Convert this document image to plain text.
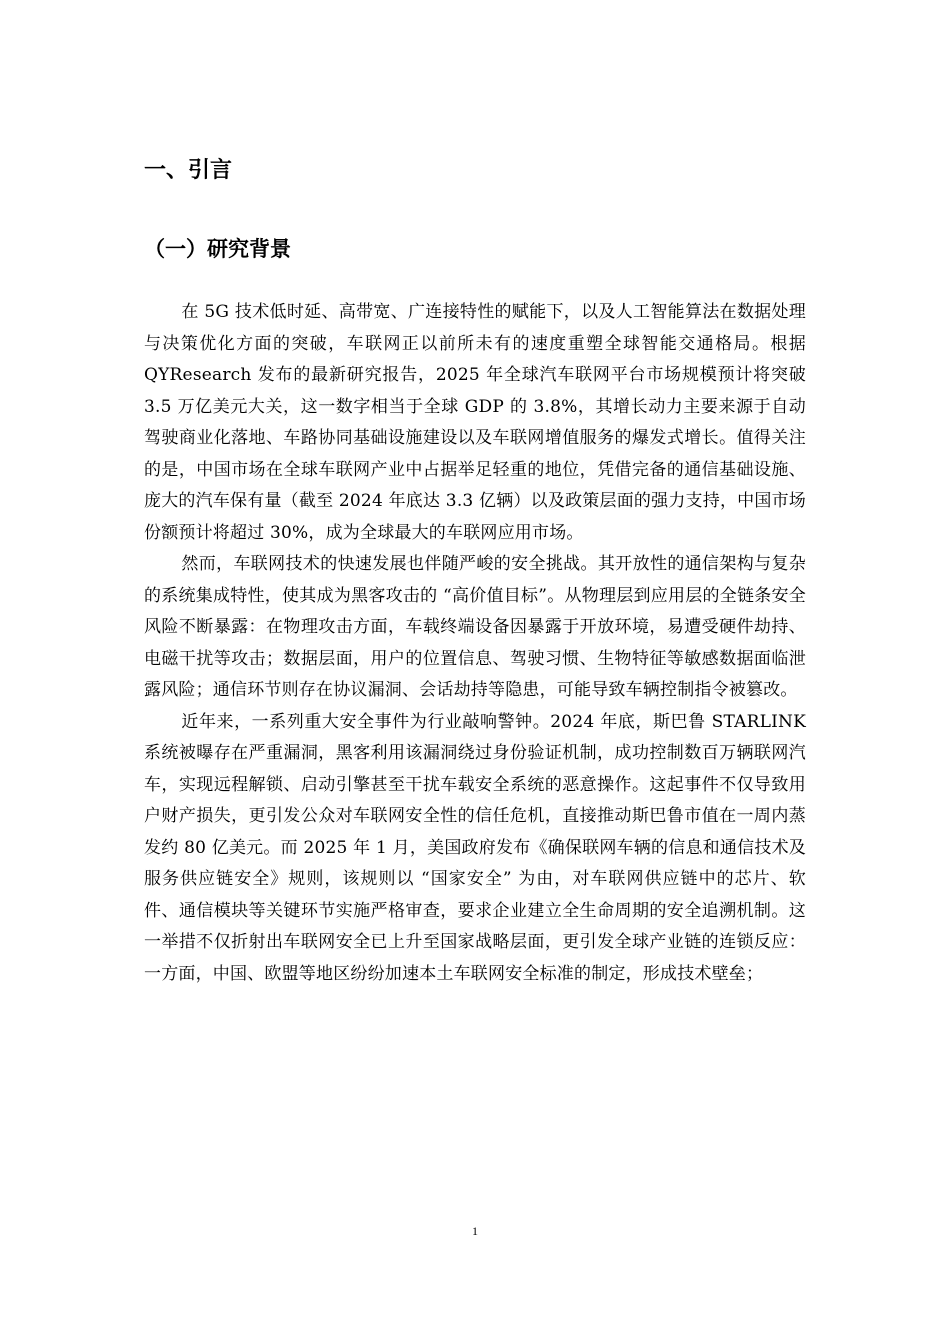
一、引言
（一）研究背景

在 5G 技术低时延、高带宽、广连接特性的赋能下，以及人工智能算法在数据处理与决策优化方面的突破，车联网正以前所未有的速度重塑全球智能交通格局。根据 QYResearch 发布的最新研究报告，2025 年全球汽车联网平台市场规模预计将突破 3.5 万亿美元大关，这一数字相当于全球 GDP 的 3.8%，其增长动力主要来源于自动驾驶商业化落地、车路协同基础设施建设以及车联网增值服务的爆发式增长。值得关注的是，中国市场在全球车联网产业中占据举足轻重的地位，凭借完备的通信基础设施、庞大的汽车保有量（截至 2024 年底达 3.3 亿辆）以及政策层面的强力支持，中国市场份额预计将超过 30%，成为全球最大的车联网应用市场。

然而，车联网技术的快速发展也伴随严峻的安全挑战。其开放性的通信架构与复杂的系统集成特性，使其成为黑客攻击的 “高价值目标”。从物理层到应用层的全链条安全风险不断暴露：在物理攻击方面，车载终端设备因暴露于开放环境，易遭受硬件劫持、电磁干扰等攻击；数据层面，用户的位置信息、驾驶习惯、生物特征等敏感数据面临泄露风险；通信环节则存在协议漏洞、会话劫持等隐患，可能导致车辆控制指令被篡改。

近年来，一系列重大安全事件为行业敲响警钟。2024 年底，斯巴鲁 STARLINK 系统被曝存在严重漏洞，黑客利用该漏洞绕过身份验证机制，成功控制数百万辆联网汽车，实现远程解锁、启动引擎甚至干扰车载安全系统的恶意操作。这起事件不仅导致用户财产损失，更引发公众对车联网安全性的信任危机，直接推动斯巴鲁市值在一周内蒸发约 80 亿美元。而 2025 年 1 月，美国政府发布《确保联网车辆的信息和通信技术及服务供应链安全》规则，该规则以 “国家安全” 为由，对车联网供应链中的芯片、软件、通信模块等关键环节实施严格审查，要求企业建立全生命周期的安全追溯机制。这一举措不仅折射出车联网安全已上升至国家战略层面，更引发全球产业链的连锁反应：一方面，中国、欧盟等地区纷纷加速本土车联网安全标准的制定，形成技术壁垒；

1
